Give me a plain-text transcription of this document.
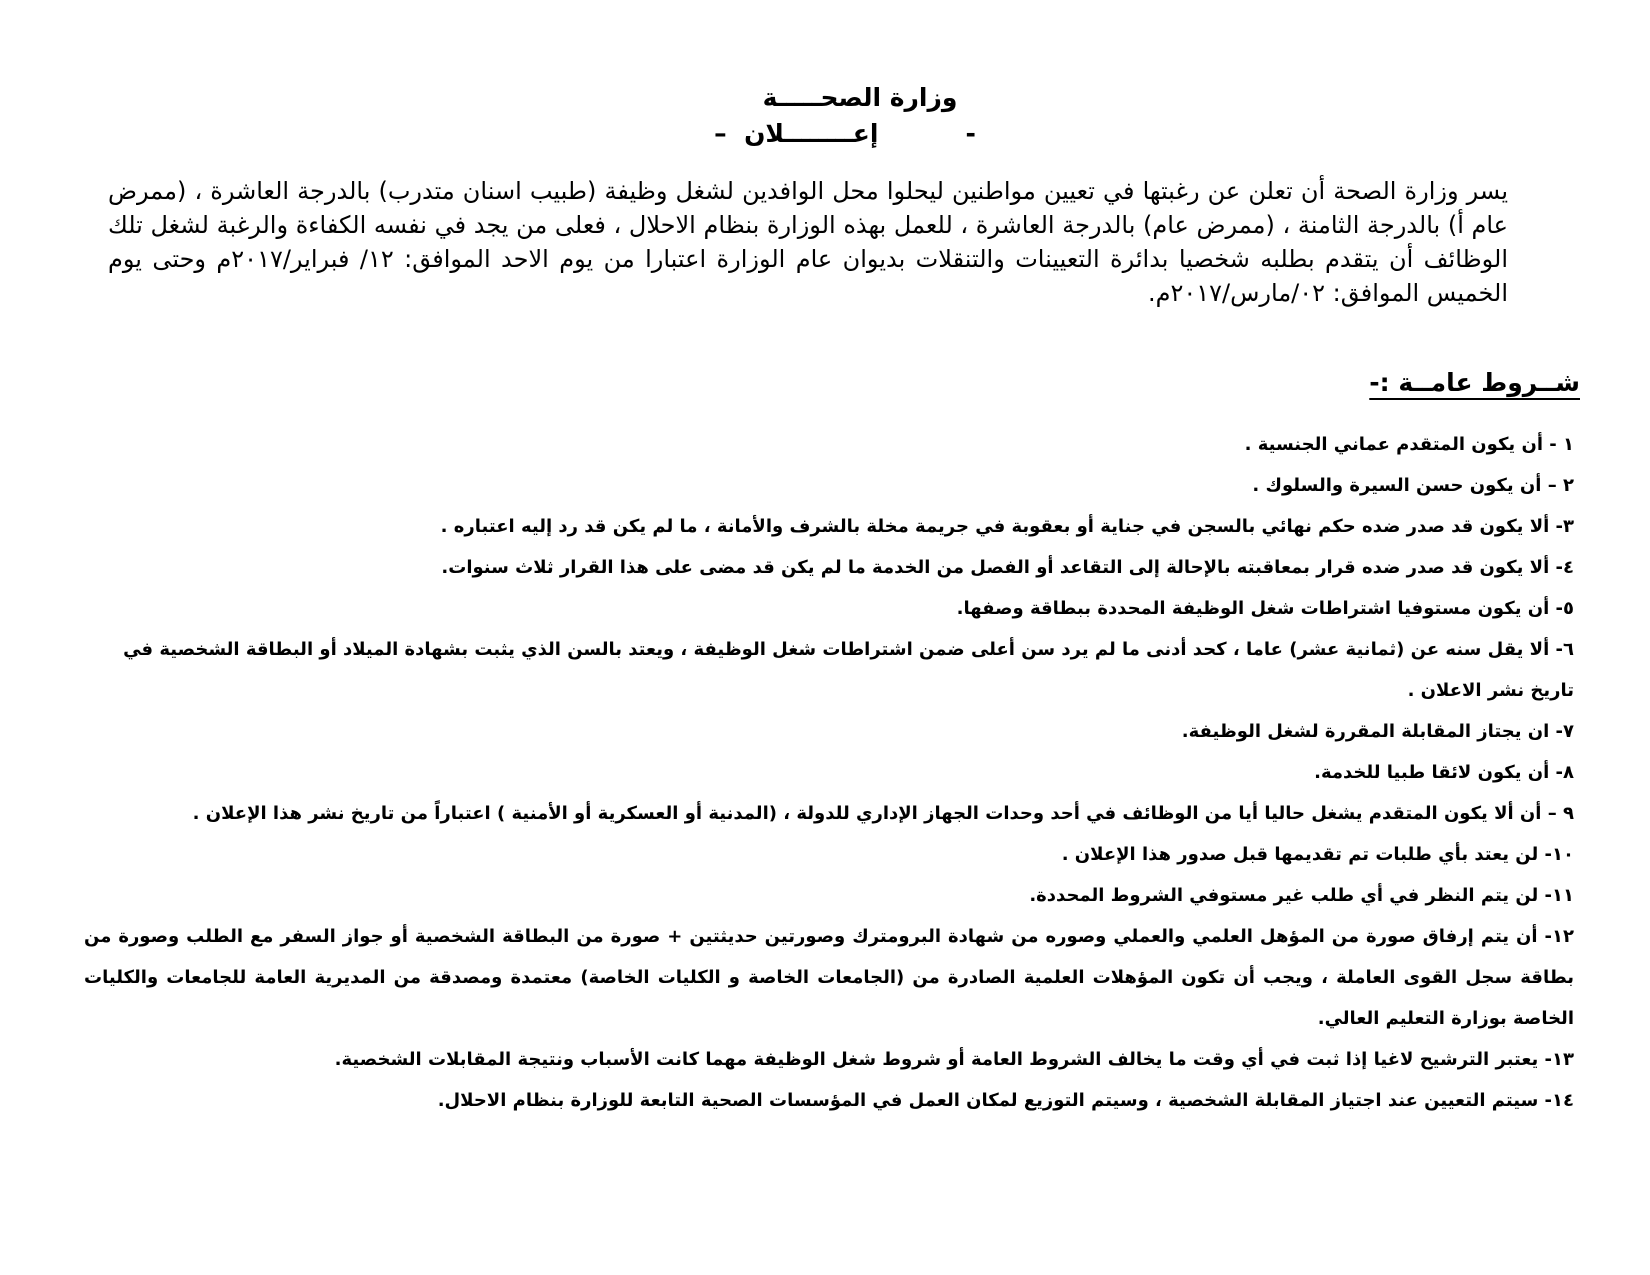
وزارة الصحـــــة

-          إعــــــــلان  –

يسر وزارة الصحة أن تعلن عن رغبتها في تعيين مواطنين ليحلوا محل الوافدين لشغل وظيفة (طبيب اسنان متدرب) بالدرجة العاشرة ، (ممرض عام أ) بالدرجة الثامنة ، (ممرض عام) بالدرجة العاشرة ، للعمل بهذه الوزارة بنظام الاحلال ، فعلى من يجد في نفسه الكفاءة والرغبة لشغل تلك الوظائف أن يتقدم بطلبه شخصيا بدائرة التعيينات والتنقلات بديوان عام الوزارة اعتبارا من يوم الاحد الموافق: ١٢/ فبراير/٢٠١٧م وحتى يوم الخميس الموافق: ٠٢/مارس/٢٠١٧م.

شــروط عامــة :-

١ - أن يكون المتقدم عماني الجنسية .
٢ – أن يكون حسن السيرة والسلوك .
٣- ألا يكون قد صدر ضده حكم نهائي بالسجن في جناية أو بعقوبة في جريمة مخلة بالشرف والأمانة ، ما لم يكن قد رد إليه اعتباره .
٤- ألا يكون قد صدر ضده قرار بمعاقبته بالإحالة إلى التقاعد أو الفصل من الخدمة ما لم يكن قد مضى على هذا القرار ثلاث سنوات.
٥- أن يكون مستوفيا اشتراطات شغل الوظيفة المحددة ببطاقة وصفها.
٦- ألا يقل سنه عن (ثمانية عشر) عاما ، كحد أدنى ما لم يرد سن أعلى ضمن اشتراطات شغل الوظيفة ، ويعتد بالسن الذي يثبت بشهادة الميلاد أو البطاقة الشخصية في تاريخ نشر الاعلان .
٧- ان يجتاز المقابلة المقررة لشغل الوظيفة.
٨- أن يكون لائقا طبيا للخدمة.
٩ – أن ألا يكون المتقدم يشغل حاليا أيا من الوظائف في أحد وحدات الجهاز الإداري للدولة ، (المدنية أو العسكرية أو الأمنية ) اعتباراً من تاريخ نشر هذا الإعلان .
١٠- لن يعتد بأي طلبات تم تقديمها قبل صدور هذا الإعلان .
١١- لن يتم النظر في أي طلب غير مستوفي الشروط المحددة.
١٢- أن يتم إرفاق صورة من المؤهل العلمي والعملي وصوره من شهادة البرومترك وصورتين حديثتين + صورة من البطاقة الشخصية أو جواز السفر مع الطلب وصورة من بطاقة سجل القوى العاملة ، ويجب أن تكون المؤهلات العلمية الصادرة من (الجامعات الخاصة و الكليات الخاصة) معتمدة ومصدقة من المديرية العامة للجامعات والكليات الخاصة بوزارة التعليم العالي.
١٣- يعتبر الترشيح لاغيا إذا ثبت في أي وقت ما يخالف الشروط العامة أو شروط شغل الوظيفة مهما كانت الأسباب ونتيجة المقابلات الشخصية.
١٤- سيتم التعيين عند اجتياز المقابلة الشخصية ، وسيتم التوزيع لمكان العمل في المؤسسات الصحية التابعة للوزارة بنظام الاحلال.
